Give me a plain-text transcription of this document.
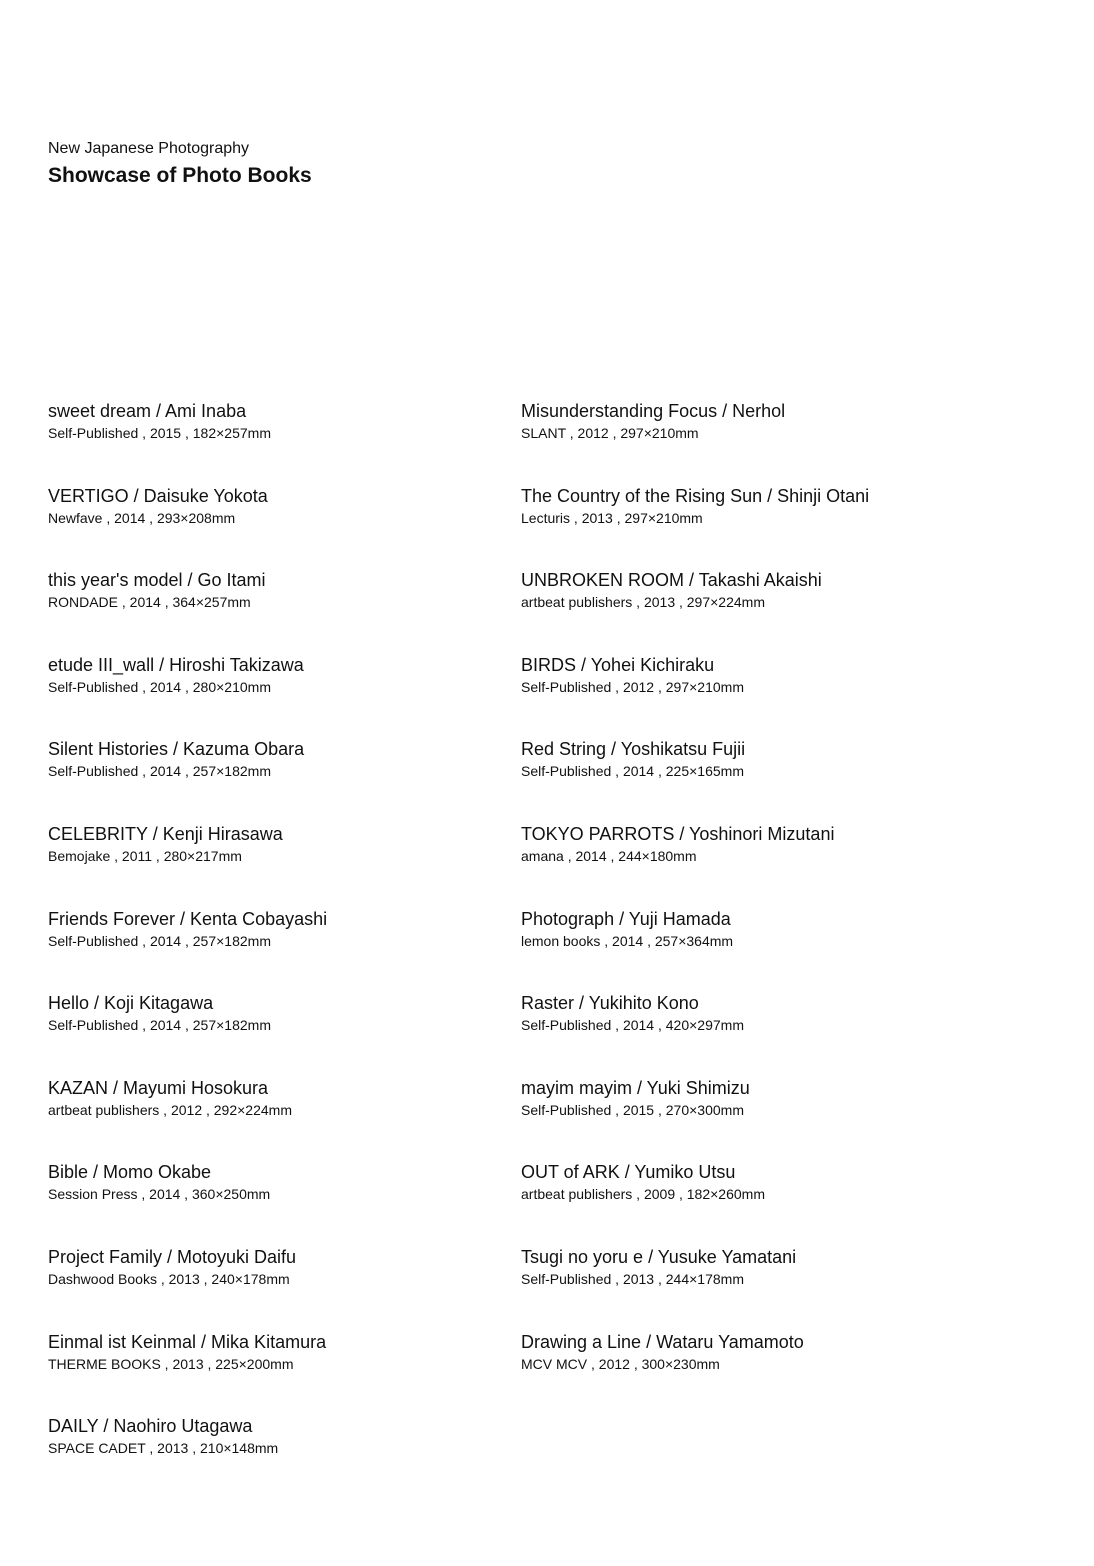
New Japanese Photography

Showcase of Photo Books

sweet dream / Ami Inaba
Self-Published , 2015 , 182×257mm
VERTIGO / Daisuke Yokota
Newfave , 2014 , 293×208mm
this year's model / Go Itami
RONDADE , 2014 , 364×257mm
etude III_wall / Hiroshi Takizawa
Self-Published , 2014 , 280×210mm
Silent Histories / Kazuma Obara
Self-Published , 2014 , 257×182mm
CELEBRITY / Kenji Hirasawa
Bemojake , 2011 , 280×217mm
Friends Forever / Kenta Cobayashi
Self-Published , 2014 , 257×182mm
Hello / Koji Kitagawa
Self-Published , 2014 , 257×182mm
KAZAN / Mayumi Hosokura
artbeat publishers , 2012 , 292×224mm
Bible / Momo Okabe
Session Press , 2014 , 360×250mm
Project Family / Motoyuki Daifu
Dashwood Books , 2013 , 240×178mm
Einmal ist Keinmal / Mika Kitamura
THERME BOOKS , 2013 , 225×200mm
DAILY / Naohiro Utagawa
SPACE CADET , 2013 , 210×148mm
Misunderstanding Focus / Nerhol
SLANT , 2012 , 297×210mm
The Country of the Rising Sun / Shinji Otani
Lecturis , 2013 , 297×210mm
UNBROKEN ROOM / Takashi Akaishi
artbeat publishers , 2013 , 297×224mm
BIRDS / Yohei Kichiraku
Self-Published , 2012 , 297×210mm
Red String / Yoshikatsu Fujii
Self-Published , 2014 , 225×165mm
TOKYO PARROTS / Yoshinori Mizutani
amana , 2014 , 244×180mm
Photograph / Yuji Hamada
lemon books , 2014 , 257×364mm
Raster / Yukihito Kono
Self-Published , 2014 , 420×297mm
mayim mayim / Yuki Shimizu
Self-Published , 2015 , 270×300mm
OUT of ARK / Yumiko Utsu
artbeat publishers , 2009 , 182×260mm
Tsugi no yoru e / Yusuke Yamatani
Self-Published , 2013 , 244×178mm
Drawing a Line / Wataru Yamamoto
MCV MCV , 2012 , 300×230mm
